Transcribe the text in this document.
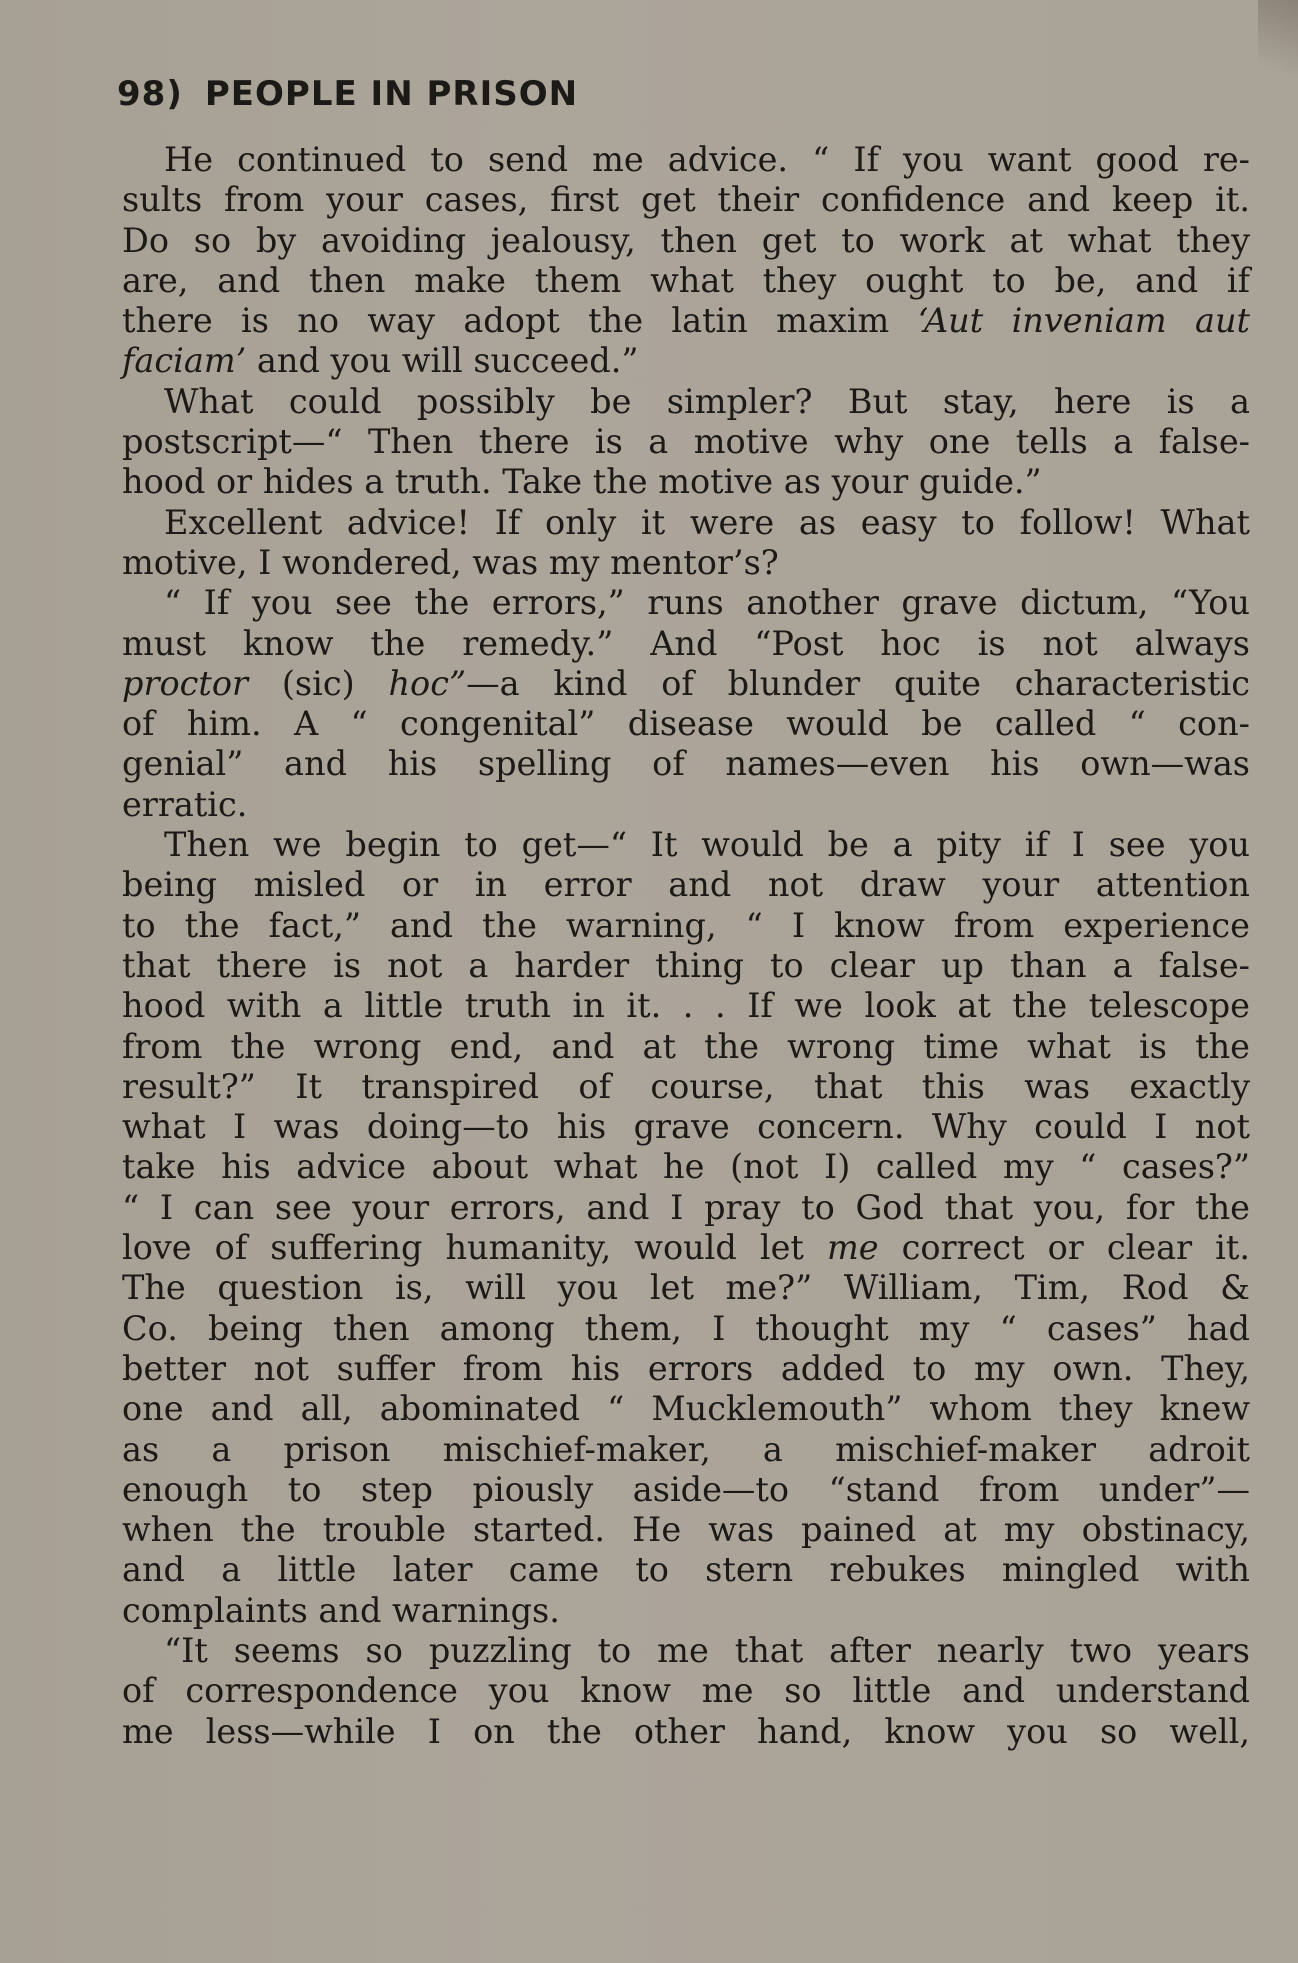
98) PEOPLE IN PRISON
He continued to send me advice. “ If you want good re-
sults from your cases, first get their confidence and keep it.
Do so by avoiding jealousy, then get to work at what they
are, and then make them what they ought to be, and if
there is no way adopt the latin maxim ‘Aut inveniam aut
faciam’ and you will succeed.”
What could possibly be simpler? But stay, here is a
postscript—“ Then there is a motive why one tells a false-
hood or hides a truth. Take the motive as your guide.”
Excellent advice! If only it were as easy to follow! What
motive, I wondered, was my mentor’s?
“ If you see the errors,” runs another grave dictum, “You
must know the remedy.” And “Post hoc is not always
proctor (sic) hoc”—a kind of blunder quite characteristic
of him. A “ congenital” disease would be called “ con-
genial” and his spelling of names—even his own—was
erratic.
Then we begin to get—“ It would be a pity if I see you
being misled or in error and not draw your attention
to the fact,” and the warning, “ I know from experience
that there is not a harder thing to clear up than a false-
hood with a little truth in it. . . If we look at the telescope
from the wrong end, and at the wrong time what is the
result?” It transpired of course, that this was exactly
what I was doing—to his grave concern. Why could I not
take his advice about what he (not I) called my “ cases?”
“ I can see your errors, and I pray to God that you, for the
love of suffering humanity, would let me correct or clear it.
The question is, will you let me?” William, Tim, Rod &
Co. being then among them, I thought my “ cases” had
better not suffer from his errors added to my own. They,
one and all, abominated “ Mucklemouth” whom they knew
as a prison mischief-maker, a mischief-maker adroit
enough to step piously aside—to “stand from under”—
when the trouble started. He was pained at my obstinacy,
and a little later came to stern rebukes mingled with
complaints and warnings.
“It seems so puzzling to me that after nearly two years
of correspondence you know me so little and understand
me less—while I on the other hand, know you so well,
